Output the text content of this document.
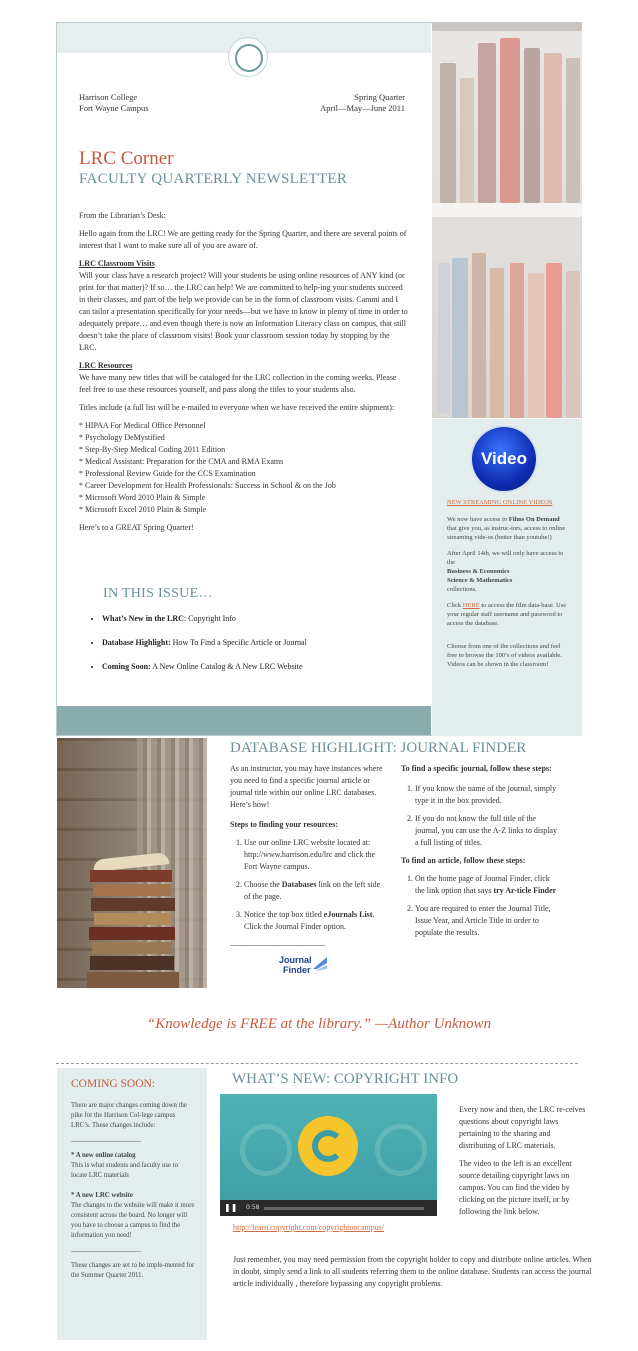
Harrison College
Fort Wayne Campus
Spring Quarter
April—May—June 2011
LRC Corner
FACULTY QUARTERLY NEWSLETTER
From the Librarian’s Desk:
Hello again from the LRC! We are getting ready for the Spring Quarter, and there are several points of interest that I want to make sure all of you are aware of.
LRC Classroom Visits
Will your class have a research project? Will your students be using online resources of ANY kind (or print for that matter)? If so… the LRC can help! We are committed to help-ing your students succeed in their classes, and part of the help we provide can be in the form of classroom visits. Cammi and I can tailor a presentation specifically for your needs—but we have to know in plenty of time in order to adequately prepare… and even though there is now an Information Literacy class on campus, that still doesn’t take the place of classroom visits! Book your classroom session today by stopping by the LRC.
LRC Resources
We have many new titles that will be cataloged for the LRC collection in the coming weeks. Please feel free to use these resources yourself, and pass along the titles to your students also.
Titles include (a full list will be e-mailed to everyone when we have received the entire shipment):
* HIPAA For Medical Office Personnel
* Psychology DeMystified
* Step-By-Step Medical Coding 2011 Edition
* Medical Assistant: Preparation for the CMA and RMA Exams
* Professional Review Guide for the CCS Examination
* Career Development for Health Professionals: Success in School & on the Job
* Microsoft Word 2010 Plain & Simple
* Microsoft Excel 2010 Plain & Simple
Here’s to a GREAT Spring Quarter!
IN THIS ISSUE…
• What’s New in the LRC: Copyright Info
• Database Highlight: How To Find a Specific Article or Journal
• Coming Soon: A New Online Catalog & A New LRC Website
Video
NEW STREAMING ONLINE VIDEOS
We now have access to Films On Demand that give you, as instruc-tors, access to online streaming vide-os (better than youtube!)
After April 14th, we will only have access to the
Business & Economics
Science & Mathematics
collections.
Click HERE to access the film data-base. Use your regular staff username and password to access the database.
Choose from one of the collections and feel free to browse the 100’s of videos available. Videos can be shown in the classroom!
DATABASE HIGHLIGHT: JOURNAL FINDER
As an instructor, you may have instances where you need to find a specific journal article or journal title within our online LRC databases. Here’s how!
Steps to finding your resources:
1. Use our online LRC website located at: http://www.harrison.edu/lrc and click the Fort Wayne campus.
2. Choose the Databases link on the left side of the page.
3. Notice the top box titled eJournals List. Click the Journal Finder option.
___________________________
Journal
Finder
To find a specific journal, follow these steps:
1. If you know the name of the journal, simply type it in the box provided.
2. If you do not know the full title of the journal, you can use the A-Z links to display a full listing of titles.
To find an article, follow these steps:
1. On the home page of Journal Finder, click the link option that says try Ar-ticle Finder
2. You are required to enter the Journal Title, Issue Year, and Article Title in order to populate the results.
“Knowledge is FREE at the library.” —Author Unknown
COMING SOON:
There are major changes coming down the pike for the Harrison Col-lege campus LRC’s. These changes include:
________________________
* A new online catalog
This is what students and faculty use to locate LRC materials
* A new LRC website
The changes to the website will make it more consistent across the board. No longer will you have to choose a campus to find the information you need!
________________________
These changes are set to be imple-mented for the Summer Quarter 2011.
WHAT’S NEW: COPYRIGHT INFO
❚❚ 0:58
Every now and then, the LRC re-ceives questions about copyright laws pertaining to the sharing and distributing of LRC materials.
The video to the left is an excellent source detailing copyright laws on campus. You can find the video by clicking on the picture itself, or by following the link below.
http://learn.copyright.com/copyrightoncampus/
Just remember, you may need permission from the copyright holder to copy and distribute online articles. When in doubt, simply send a link to all students referring them to the online database. Students can access the journal article individually , therefore bypassing any copyright problems.
